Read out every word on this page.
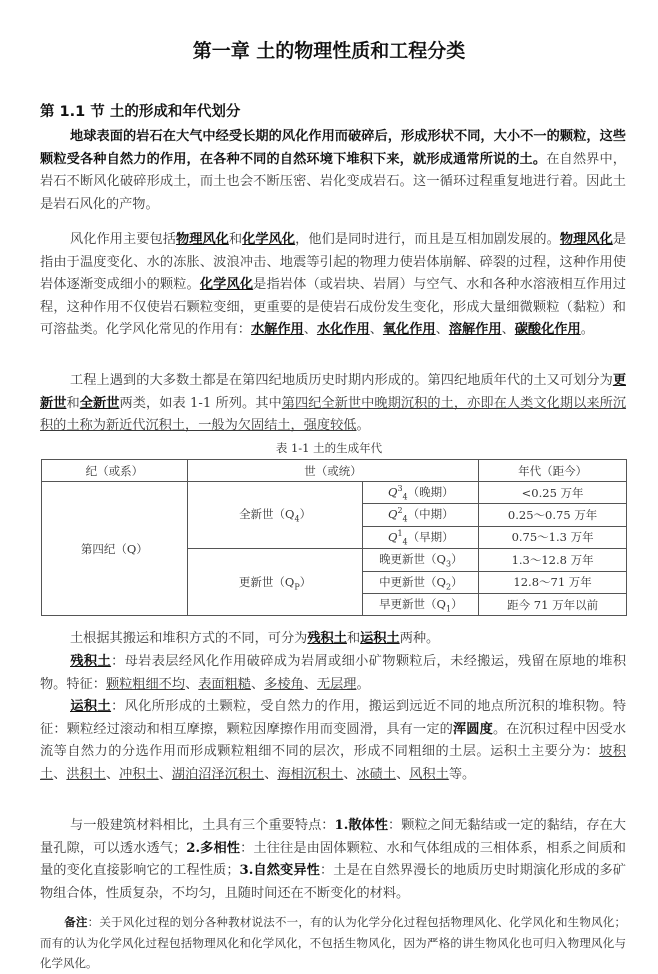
第一章 土的物理性质和工程分类
第 1.1 节 土的形成和年代划分
地球表面的岩石在大气中经受长期的风化作用而破碎后，形成形状不同，大小不一的颗粒，这些颗粒受各种自然力的作用，在各种不同的自然环境下堆积下来，就形成通常所说的土。在自然界中，岩石不断风化破碎形成土，而土也会不断压密、岩化变成岩石。这一循环过程重复地进行着。因此土是岩石风化的产物。
风化作用主要包括物理风化和化学风化，他们是同时进行，而且是互相加剧发展的。物理风化是指由于温度变化、水的冻胀、波浪冲击、地震等引起的物理力使岩体崩解、碎裂的过程，这种作用使岩体逐渐变成细小的颗粒。化学风化是指岩体（或岩块、岩屑）与空气、水和各种水溶液相互作用过程，这种作用不仅使岩石颗粒变细，更重要的是使岩石成份发生变化，形成大量细微颗粒（黏粒）和可溶盐类。化学风化常见的作用有：水解作用、水化作用、氧化作用、溶解作用、碳酸化作用。
工程上遇到的大多数土都是在第四纪地质历史时期内形成的。第四纪地质年代的土又可划分为更新世和全新世两类，如表 1-1 所列。其中第四纪全新世中晚期沉积的土，亦即在人类文化期以来所沉积的土称为新近代沉积土，一般为欠固结土，强度较低。
表 1-1 土的生成年代
纪（或系）	世（或统）		年代（距今）
第四纪（Q）	全新世$(Q_4)$	$Q^3_4$（晚期）	<0.25 万年
		$Q^2_4$（中期）	0.25～0.75 万年
		$Q^1_4$（早期）	0.75～1.3 万年
	更新世$(Q_P)$	晚更新世$(Q_3)$	1.3～12.8 万年
		中更新世$(Q_2)$	12.8～71 万年
		早更新世$(Q_1)$	距今 71 万年以前
土根据其搬运和堆积方式的不同，可分为残积土和运积土两种。
残积土：母岩表层经风化作用破碎成为岩屑或细小矿物颗粒后，未经搬运，残留在原地的堆积物。特征：颗粒粗细不均、表面粗糙、多棱角、无层理。
运积土：风化所形成的土颗粒，受自然力的作用，搬运到远近不同的地点所沉积的堆积物。特征：颗粒经过滚动和相互摩擦，颗粒因摩擦作用而变圆滑，具有一定的浑圆度。在沉积过程中因受水流等自然力的分选作用而形成颗粒粗细不同的层次，形成不同粗细的土层。运积土主要分为：坡积土、洪积土、冲积土、湖泊沼泽沉积土、海相沉积土、冰碛土、风积土等。
与一般建筑材料相比，土具有三个重要特点：1.散体性：颗粒之间无黏结或一定的黏结，存在大量孔隙，可以透水透气；2.多相性：土往往是由固体颗粒、水和气体组成的三相体系，相系之间质和量的变化直接影响它的工程性质；3.自然变异性：土是在自然界漫长的地质历史时期演化形成的多矿物组合体，性质复杂，不均匀，且随时间还在不断变化的材料。
备注：关于风化过程的划分各种教材说法不一，有的认为化学分化过程包括物理风化、化学风化和生物风化；而有的认为化学风化过程包括物理风化和化学风化，不包括生物风化，因为严格的讲生物风化也可归入物理风化与化学风化。
